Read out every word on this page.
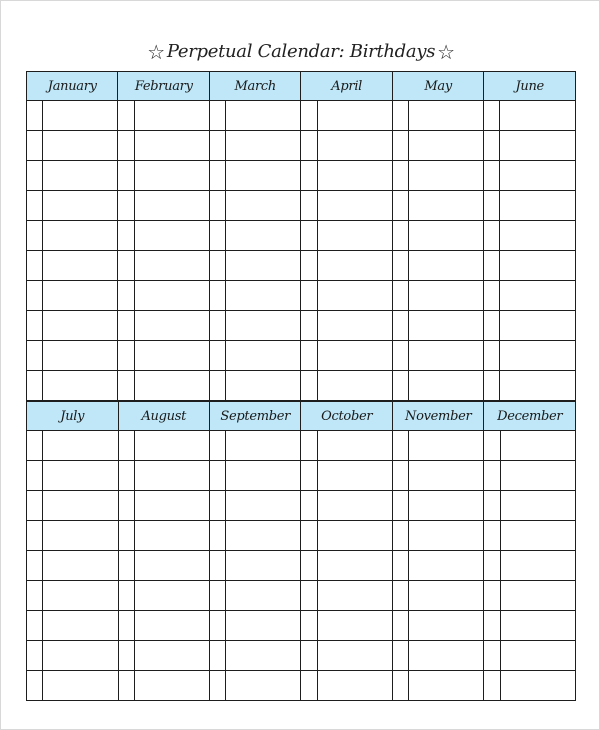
☆ Perpetual Calendar: Birthdays ☆
January		February		March		April		May		June	

July		August		September		October		November		December	
